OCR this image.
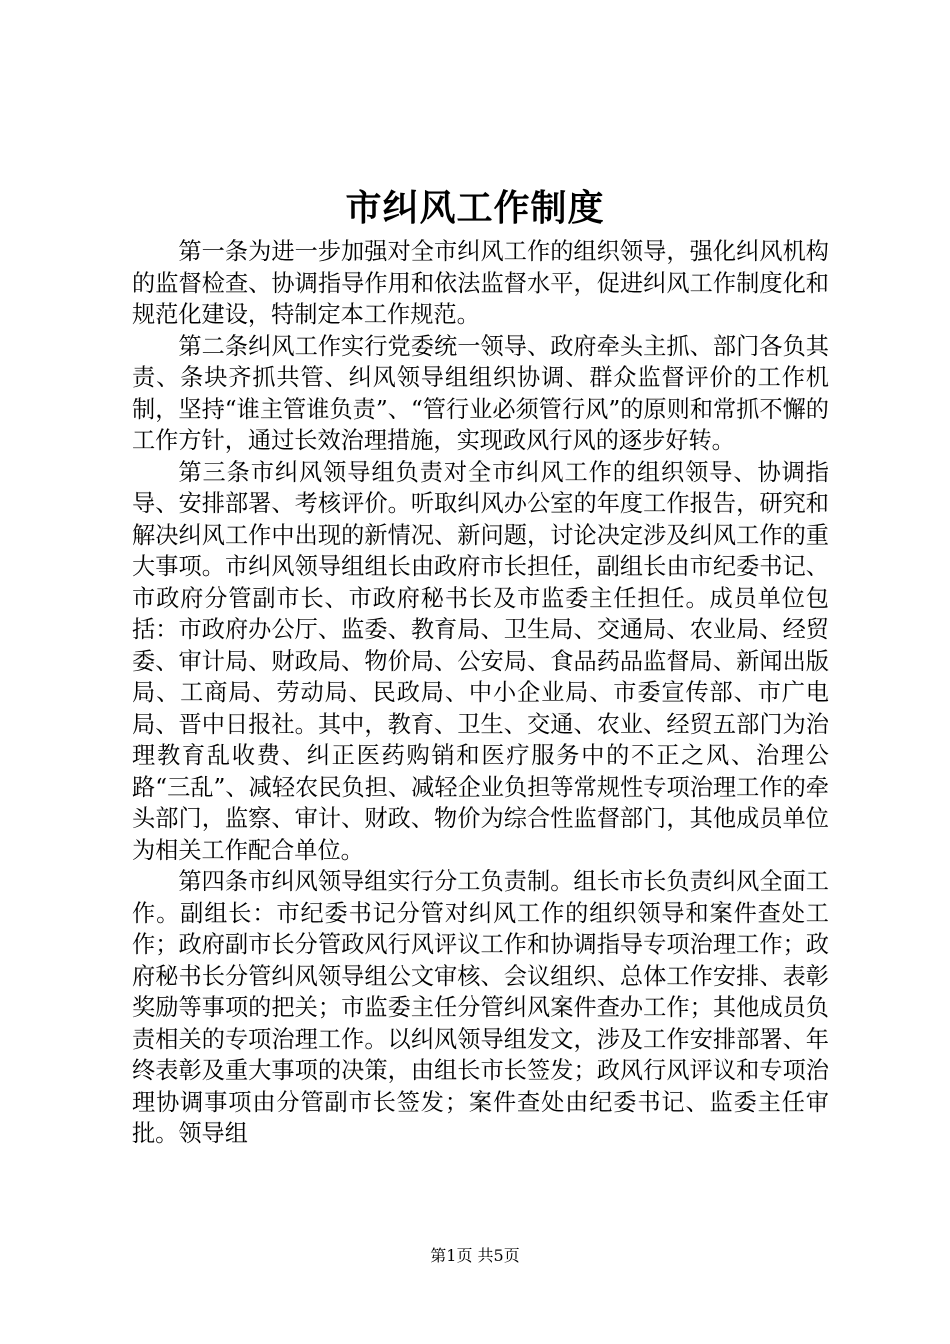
市纠风工作制度

第一条为进一步加强对全市纠风工作的组织领导，强化纠风机构的监督检查、协调指导作用和依法监督水平，促进纠风工作制度化和规范化建设，特制定本工作规范。

第二条纠风工作实行党委统一领导、政府牵头主抓、部门各负其责、条块齐抓共管、纠风领导组组织协调、群众监督评价的工作机制，坚持“谁主管谁负责”、“管行业必须管行风”的原则和常抓不懈的工作方针，通过长效治理措施，实现政风行风的逐步好转。

第三条市纠风领导组负责对全市纠风工作的组织领导、协调指导、安排部署、考核评价。听取纠风办公室的年度工作报告，研究和解决纠风工作中出现的新情况、新问题，讨论决定涉及纠风工作的重大事项。市纠风领导组组长由政府市长担任，副组长由市纪委书记、市政府分管副市长、市政府秘书长及市监委主任担任。成员单位包括：市政府办公厅、监委、教育局、卫生局、交通局、农业局、经贸委、审计局、财政局、物价局、公安局、食品药品监督局、新闻出版局、工商局、劳动局、民政局、中小企业局、市委宣传部、市广电局、晋中日报社。其中，教育、卫生、交通、农业、经贸五部门为治理教育乱收费、纠正医药购销和医疗服务中的不正之风、治理公路“三乱”、减轻农民负担、减轻企业负担等常规性专项治理工作的牵头部门，监察、审计、财政、物价为综合性监督部门，其他成员单位为相关工作配合单位。

第四条市纠风领导组实行分工负责制。组长市长负责纠风全面工作。副组长：市纪委书记分管对纠风工作的组织领导和案件查处工作；政府副市长分管政风行风评议工作和协调指导专项治理工作；政府秘书长分管纠风领导组公文审核、会议组织、总体工作安排、表彰奖励等事项的把关；市监委主任分管纠风案件查办工作；其他成员负责相关的专项治理工作。以纠风领导组发文，涉及工作安排部署、年终表彰及重大事项的决策，由组长市长签发；政风行风评议和专项治理协调事项由分管副市长签发；案件查处由纪委书记、监委主任审批。领导组

第1页 共5页
